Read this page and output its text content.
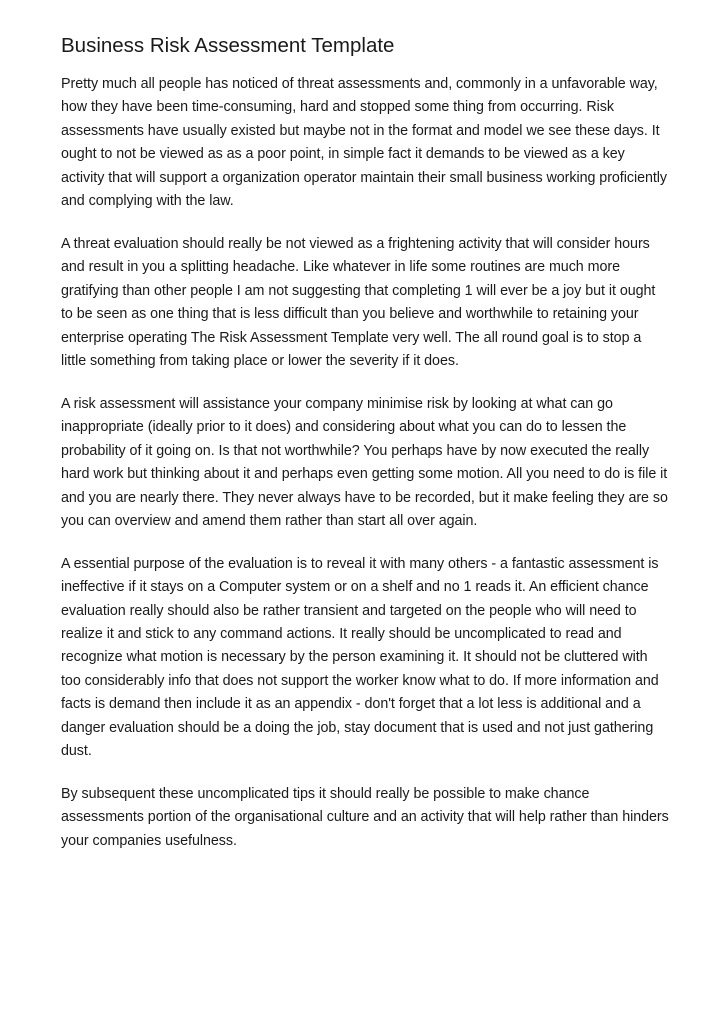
Business Risk Assessment Template

Pretty much all people has noticed of threat assessments and, commonly in a unfavorable way, how they have been time-consuming, hard and stopped some thing from occurring. Risk assessments have usually existed but maybe not in the format and model we see these days. It ought to not be viewed as as a poor point, in simple fact it demands to be viewed as a key activity that will support a organization operator maintain their small business working proficiently and complying with the law.

A threat evaluation should really be not viewed as a frightening activity that will consider hours and result in you a splitting headache. Like whatever in life some routines are much more gratifying than other people I am not suggesting that completing 1 will ever be a joy but it ought to be seen as one thing that is less difficult than you believe and worthwhile to retaining your enterprise operating The Risk Assessment Template very well. The all round goal is to stop a little something from taking place or lower the severity if it does.

A risk assessment will assistance your company minimise risk by looking at what can go inappropriate (ideally prior to it does) and considering about what you can do to lessen the probability of it going on. Is that not worthwhile? You perhaps have by now executed the really hard work but thinking about it and perhaps even getting some motion. All you need to do is file it and you are nearly there. They never always have to be recorded, but it make feeling they are so you can overview and amend them rather than start all over again.

A essential purpose of the evaluation is to reveal it with many others - a fantastic assessment is ineffective if it stays on a Computer system or on a shelf and no 1 reads it. An efficient chance evaluation really should also be rather transient and targeted on the people who will need to realize it and stick to any command actions. It really should be uncomplicated to read and recognize what motion is necessary by the person examining it. It should not be cluttered with too considerably info that does not support the worker know what to do. If more information and facts is demand then include it as an appendix - don't forget that a lot less is additional and a danger evaluation should be a doing the job, stay document that is used and not just gathering dust.

By subsequent these uncomplicated tips it should really be possible to make chance assessments portion of the organisational culture and an activity that will help rather than hinders your companies usefulness.
